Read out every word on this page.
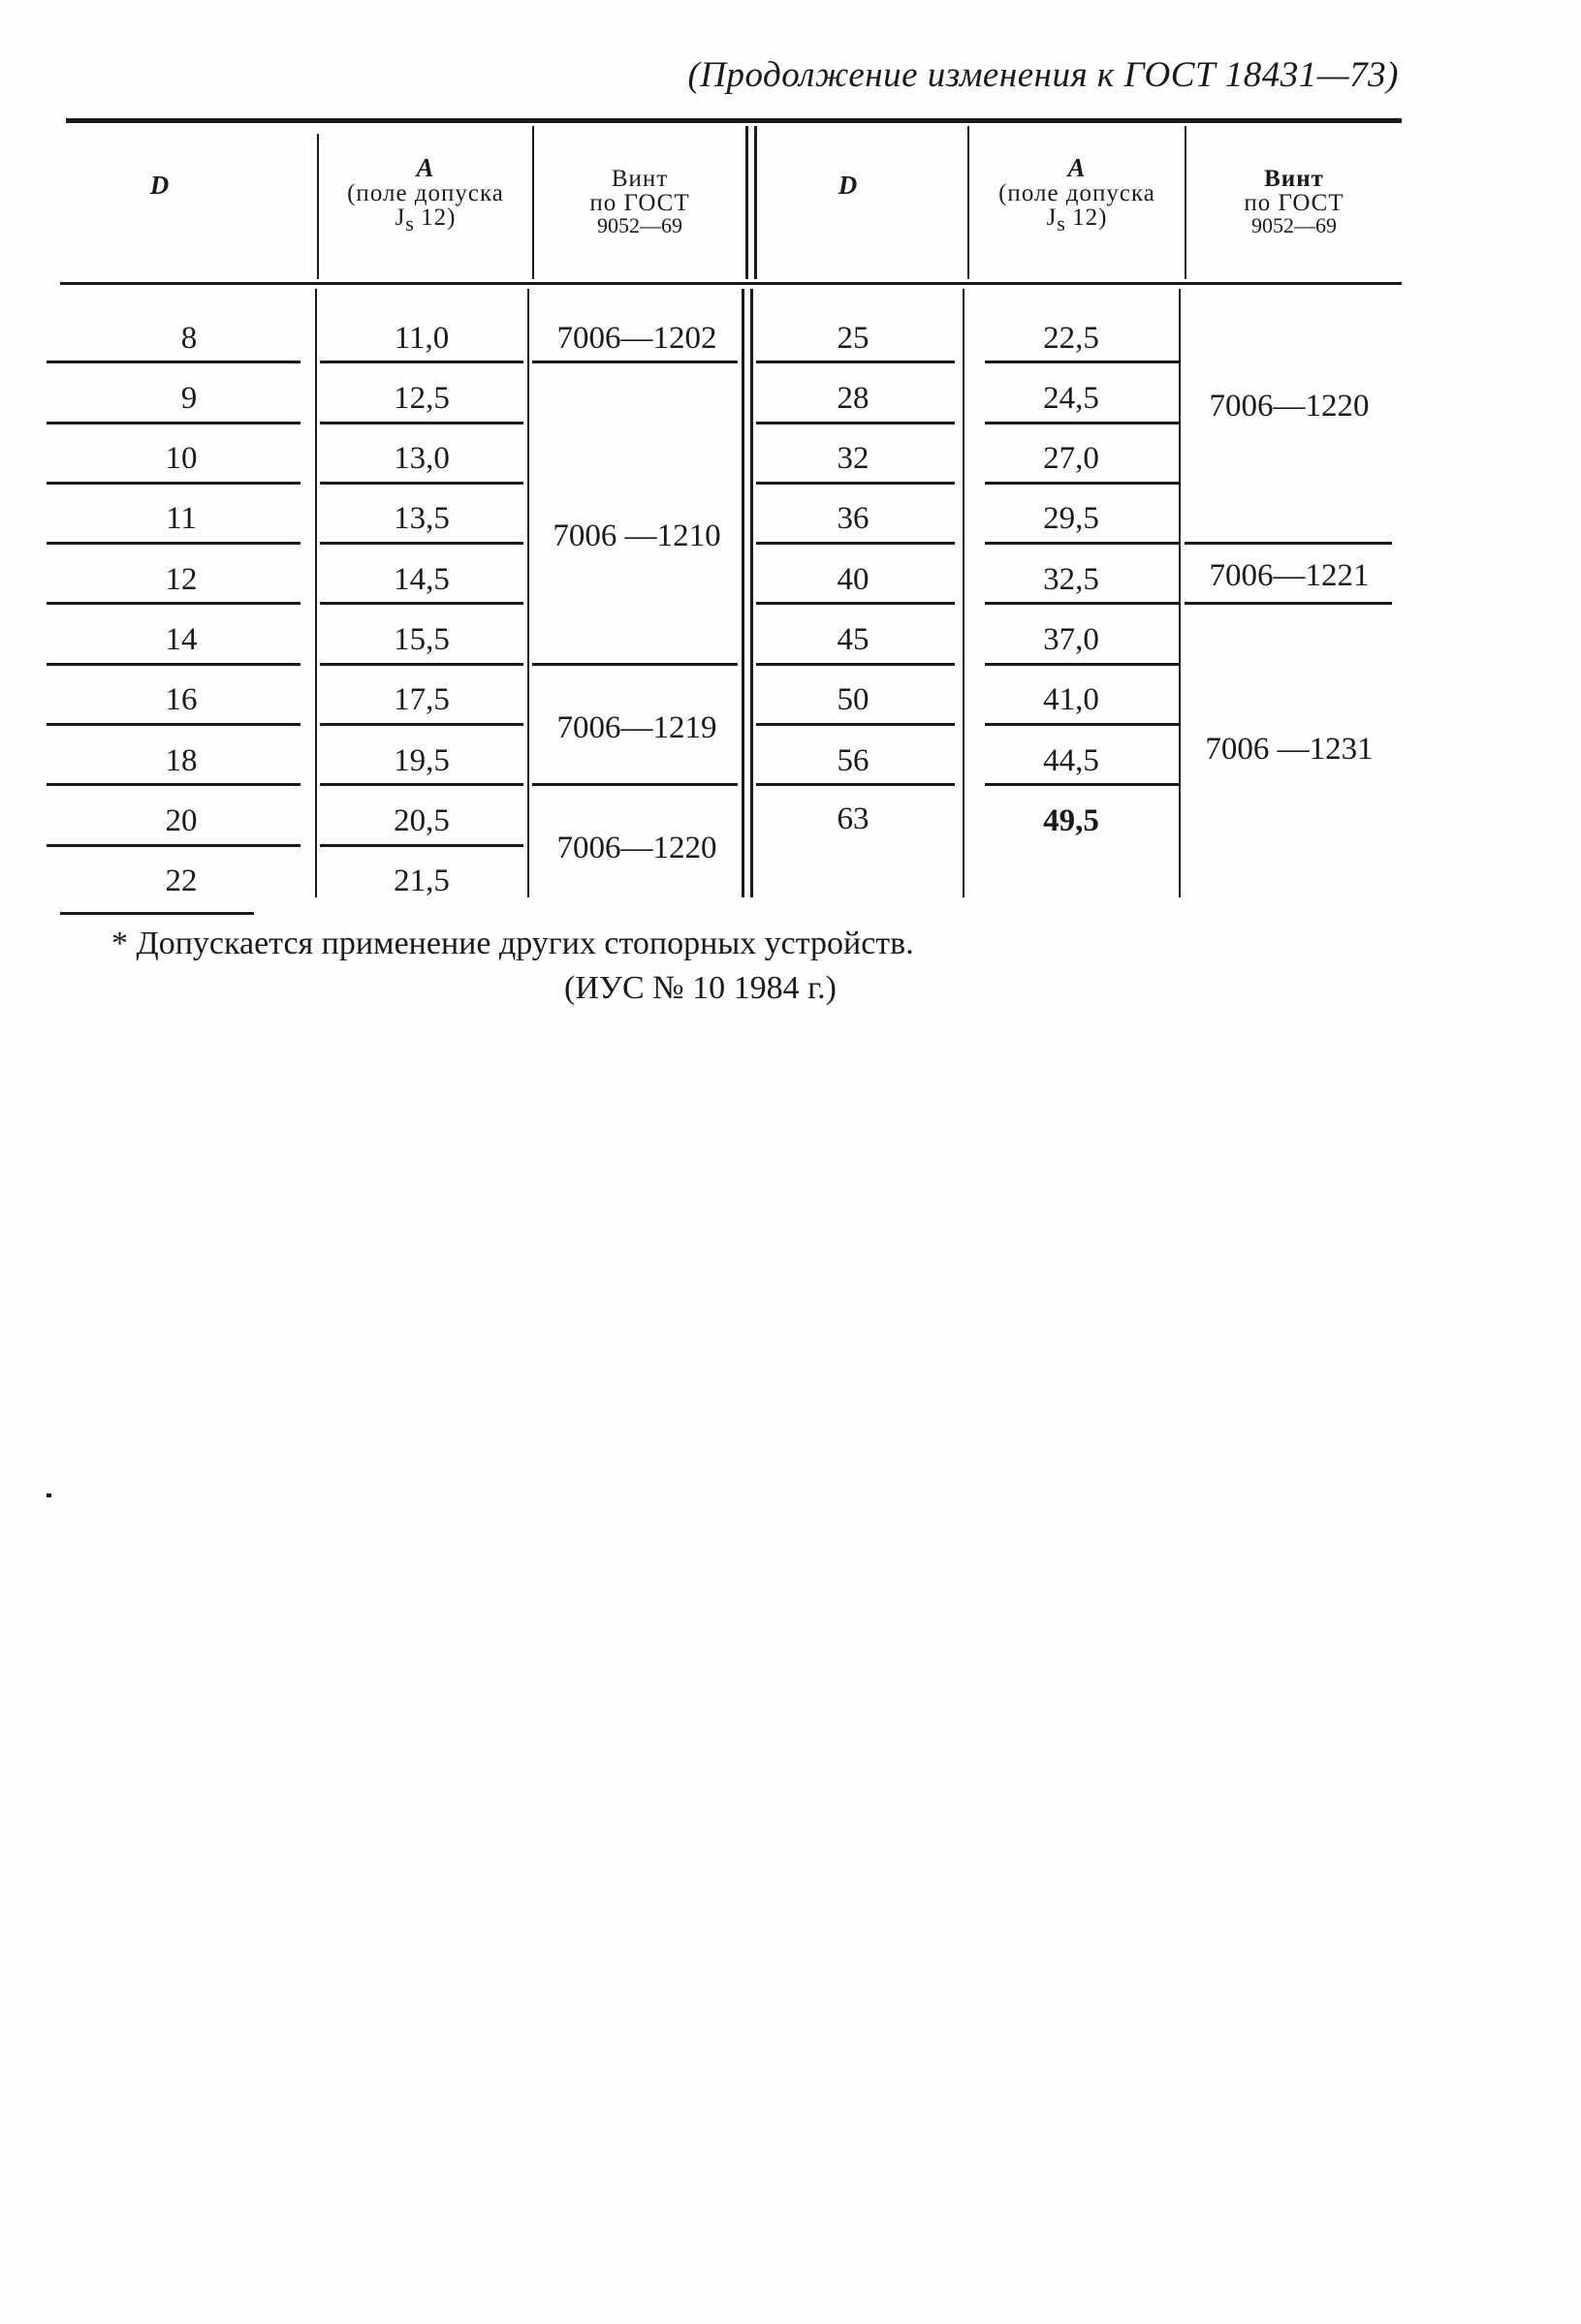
(Продолжение изменения к ГОСТ 18431—73)
D
A
(поле допуска
$J_s$ 12)
Винт
по ГОСТ
9052—69
D
A
(поле допуска
$J_s$ 12)
Винт
по ГОСТ
9052—69
8
9
10
11
12
14
16
18
20
22
11,0
12,5
13,0
13,5
14,5
15,5
17,5
19,5
20,5
21,5
7006—1202
7006 —1210
7006—1219
7006—1220
25
28
32
36
40
45
50
56
63
22,5
24,5
27,0
29,5
32,5
37,0
41,0
44,5
49,5
7006—1220
7006—1221
7006 —1231
* Допускается применение других стопорных устройств.
(ИУС № 10 1984 г.)
